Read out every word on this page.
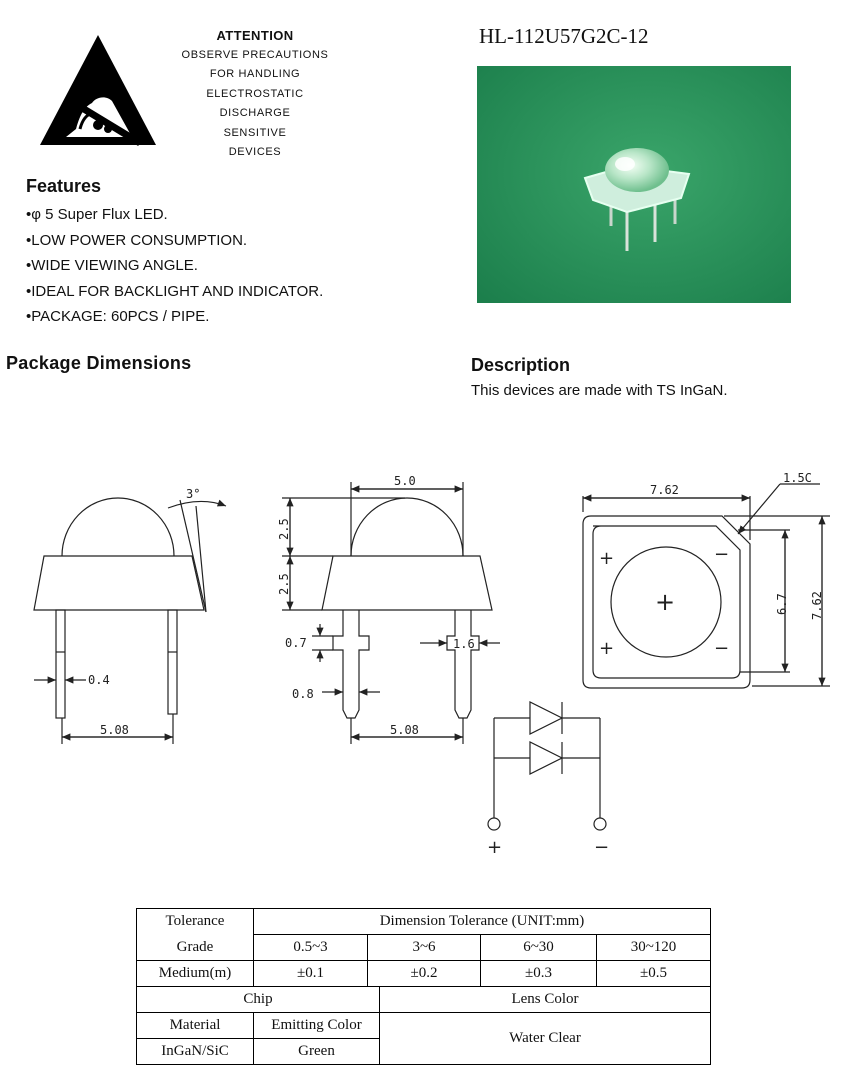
ATTENTION
OBSERVE PRECAUTIONS
FOR HANDLING
ELECTROSTATIC
DISCHARGE
SENSITIVE
DEVICES
HL-112U57G2C-12
Features
•φ 5 Super Flux LED.
•LOW POWER CONSUMPTION.
•WIDE VIEWING ANGLE.
•IDEAL FOR BACKLIGHT AND INDICATOR.
•PACKAGE: 60PCS / PIPE.
Package Dimensions	Description
This devices are made with TS InGaN.
3°
5.0
2.5
2.5
0.4
0.7	1.6
0.8
5.08	5.08
7.62
1.5C
6.7 7.62
+
+
−
−
+
+	−
Tolerance	Dimension Tolerance (UNIT:mm)				
Grade	0.5~3	3~6		6~30	30~120
Medium(m)	±0.1	±0.2		±0.3	±0.5
Chip			Lens Color		
Material	Emitting Color		Water Clear		
InGaN/SiC	Green				
